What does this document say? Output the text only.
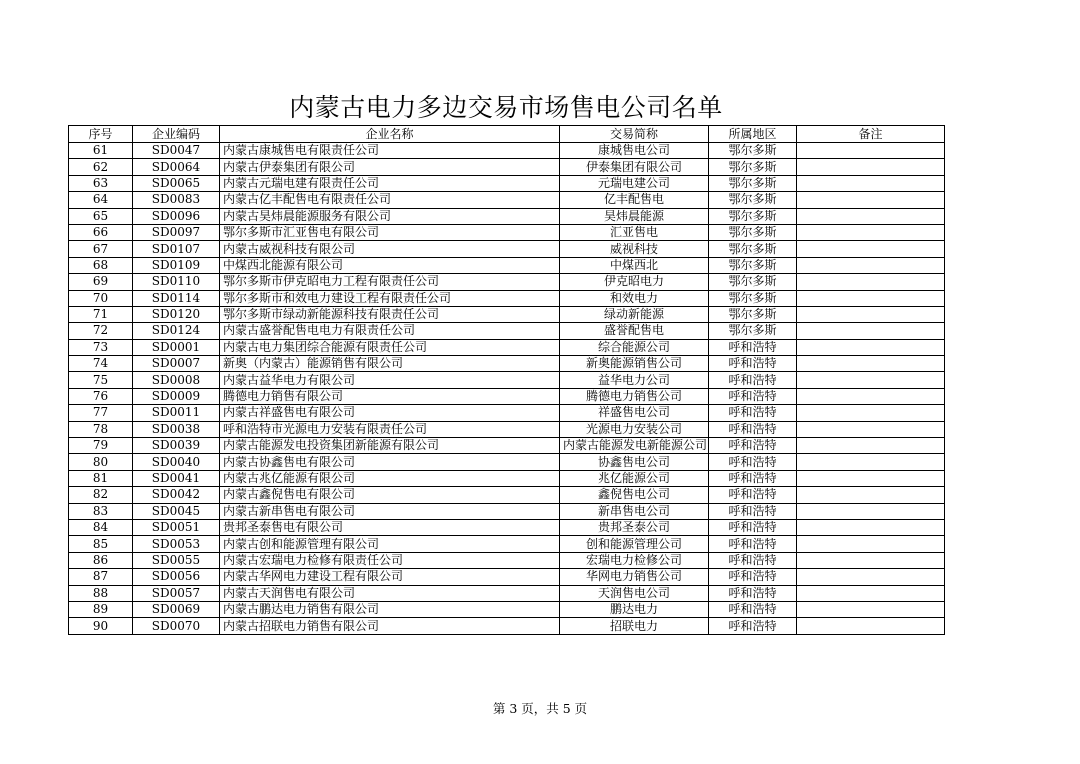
内蒙古电力多边交易市场售电公司名单
序号	企业编码	企业名称	交易简称	所属地区	备注
61	SD0047	内蒙古康城售电有限责任公司	康城售电公司	鄂尔多斯	
62	SD0064	内蒙古伊泰集团有限公司	伊泰集团有限公司	鄂尔多斯	
63	SD0065	内蒙古元瑞电建有限责任公司	元瑞电建公司	鄂尔多斯	
64	SD0083	内蒙古亿丰配售电有限责任公司	亿丰配售电	鄂尔多斯	
65	SD0096	内蒙古昊炜晨能源服务有限公司	昊炜晨能源	鄂尔多斯	
66	SD0097	鄂尔多斯市汇亚售电有限公司	汇亚售电	鄂尔多斯	
67	SD0107	内蒙古威视科技有限公司	威视科技	鄂尔多斯	
68	SD0109	中煤西北能源有限公司	中煤西北	鄂尔多斯	
69	SD0110	鄂尔多斯市伊克昭电力工程有限责任公司	伊克昭电力	鄂尔多斯	
70	SD0114	鄂尔多斯市和效电力建设工程有限责任公司	和效电力	鄂尔多斯	
71	SD0120	鄂尔多斯市绿动新能源科技有限责任公司	绿动新能源	鄂尔多斯	
72	SD0124	内蒙古盛誉配售电电力有限责任公司	盛誉配售电	鄂尔多斯	
73	SD0001	内蒙古电力集团综合能源有限责任公司	综合能源公司	呼和浩特	
74	SD0007	新奥（内蒙古）能源销售有限公司	新奥能源销售公司	呼和浩特	
75	SD0008	内蒙古益华电力有限公司	益华电力公司	呼和浩特	
76	SD0009	腾德电力销售有限公司	腾德电力销售公司	呼和浩特	
77	SD0011	内蒙古祥盛售电有限公司	祥盛售电公司	呼和浩特	
78	SD0038	呼和浩特市光源电力安装有限责任公司	光源电力安装公司	呼和浩特	
79	SD0039	内蒙古能源发电投资集团新能源有限公司	内蒙古能源发电新能源公司	呼和浩特	
80	SD0040	内蒙古协鑫售电有限公司	协鑫售电公司	呼和浩特	
81	SD0041	内蒙古兆亿能源有限公司	兆亿能源公司	呼和浩特	
82	SD0042	内蒙古鑫倪售电有限公司	鑫倪售电公司	呼和浩特	
83	SD0045	内蒙古新串售电有限公司	新串售电公司	呼和浩特	
84	SD0051	贵邦圣泰售电有限公司	贵邦圣泰公司	呼和浩特	
85	SD0053	内蒙古创和能源管理有限公司	创和能源管理公司	呼和浩特	
86	SD0055	内蒙古宏瑞电力检修有限责任公司	宏瑞电力检修公司	呼和浩特	
87	SD0056	内蒙古华网电力建设工程有限公司	华网电力销售公司	呼和浩特	
88	SD0057	内蒙古天润售电有限公司	天润售电公司	呼和浩特	
89	SD0069	内蒙古鹏达电力销售有限公司	鹏达电力	呼和浩特	
90	SD0070	内蒙古招联电力销售有限公司	招联电力	呼和浩特	
第 3 页，共 5 页
